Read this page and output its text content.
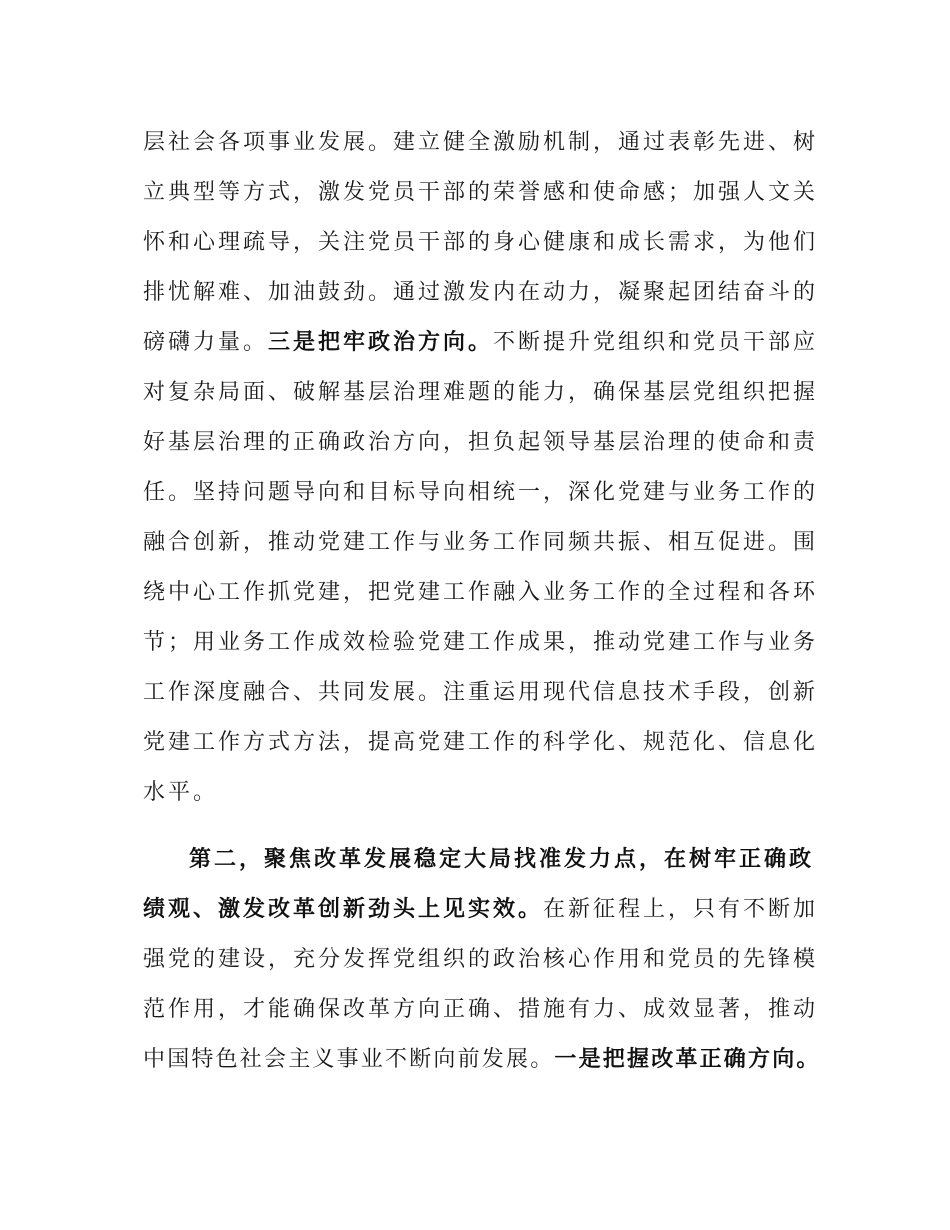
层社会各项事业发展。建立健全激励机制，通过表彰先进、树
立典型等方式，激发党员干部的荣誉感和使命感；加强人文关
怀和心理疏导，关注党员干部的身心健康和成长需求，为他们
排忧解难、加油鼓劲。通过激发内在动力，凝聚起团结奋斗的
磅礴力量。三是把牢政治方向。不断提升党组织和党员干部应
对复杂局面、破解基层治理难题的能力，确保基层党组织把握
好基层治理的正确政治方向，担负起领导基层治理的使命和责
任。坚持问题导向和目标导向相统一，深化党建与业务工作的
融合创新，推动党建工作与业务工作同频共振、相互促进。围
绕中心工作抓党建，把党建工作融入业务工作的全过程和各环
节；用业务工作成效检验党建工作成果，推动党建工作与业务
工作深度融合、共同发展。注重运用现代信息技术手段，创新
党建工作方式方法，提高党建工作的科学化、规范化、信息化
水平。
第二，聚焦改革发展稳定大局找准发力点，在树牢正确政
绩观、激发改革创新劲头上见实效。在新征程上，只有不断加
强党的建设，充分发挥党组织的政治核心作用和党员的先锋模
范作用，才能确保改革方向正确、措施有力、成效显著，推动
中国特色社会主义事业不断向前发展。一是把握改革正确方向。
